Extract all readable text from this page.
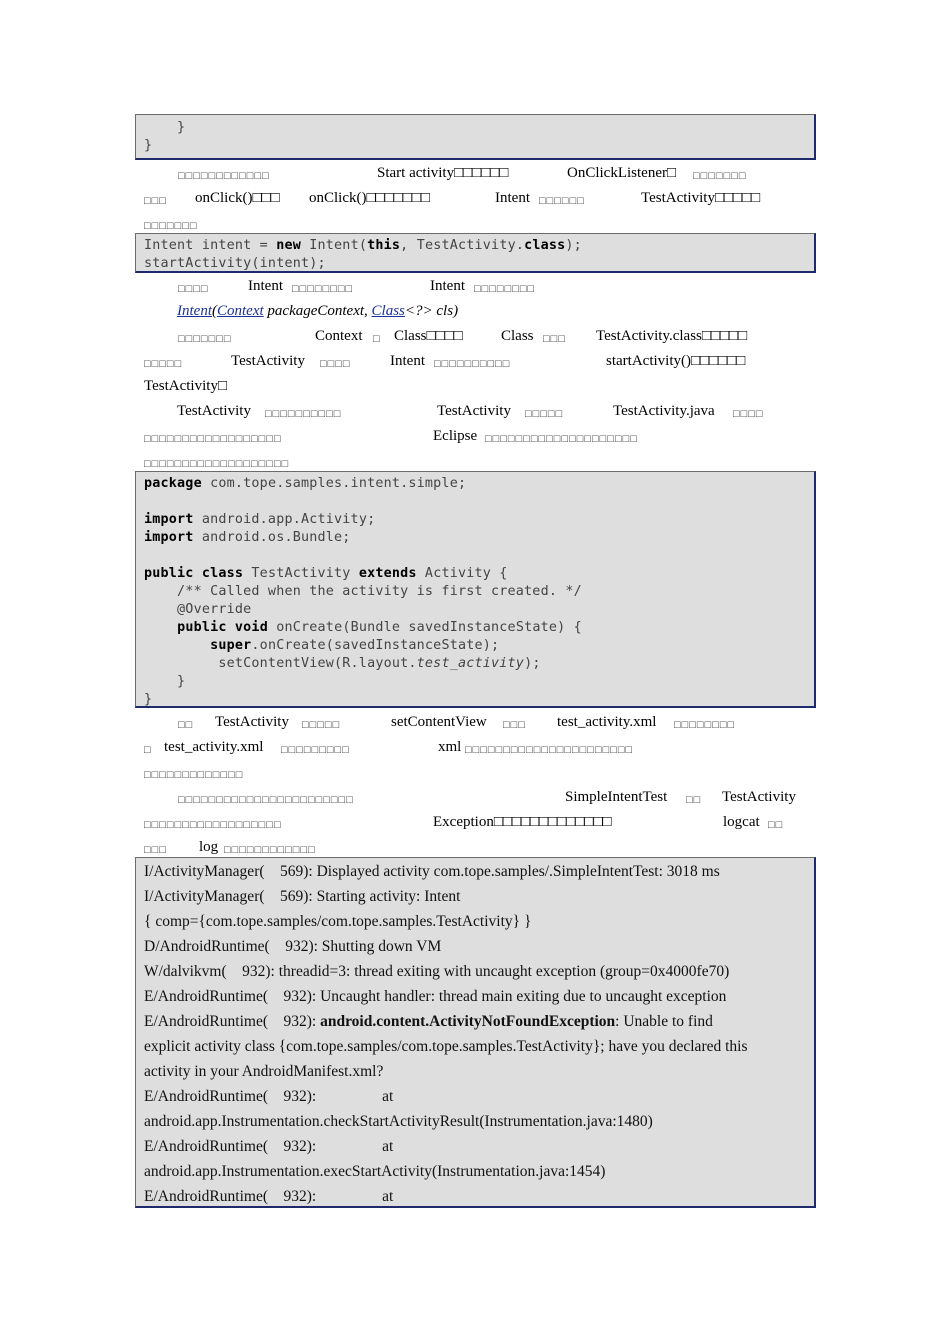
}
}
□□□□□□□□□□□□	Start activity□□□□□□	OnClickListener□ □□□□□□□
□□□ onClick()□□□ onClick()□□□□□□□	Intent □□□□□□	TestActivity□□□□□
□□□□□□□
Intent intent = new Intent(this, TestActivity.class);
startActivity(intent);
□□□□	Intent □□□□□□□□	Intent □□□□□□□□
Intent(Context packageContext, Class<?> cls)
□□□□□□□	Context □ Class□□□□	Class □□□ TestActivity.class□□□□□
□□□□□	TestActivity □□□□	Intent □□□□□□□□□□	startActivity()□□□□□□
TestActivity□
TestActivity □□□□□□□□□□	TestActivity □□□□□	TestActivity.java □□□□
□□□□□□□□□□□□□□□□□□	Eclipse □□□□□□□□□□□□□□□□□□□□
□□□□□□□□□□□□□□□□□□□
package com.tope.samples.intent.simple;
import android.app.Activity;
import android.os.Bundle;
public class TestActivity extends Activity {
/** Called when the activity is first created. */
@Override
public void onCreate(Bundle savedInstanceState) {
super.onCreate(savedInstanceState);
setContentView(R.layout.test_activity);
}
}
□□ TestActivity □□□□□	setContentView □□□ test_activity.xml □□□□□□□□
□ test_activity.xml □□□□□□□□□	xml □□□□□□□□□□□□□□□□□□□□□□
□□□□□□□□□□□□□
□□□□□□□□□□□□□□□□□□□□□□□	SimpleIntentTest □□ TestActivity
□□□□□□□□□□□□□□□□□□	Exception□□□□□□□□□□□□□	logcat □□
□□□ log □□□□□□□□□□□□
I/ActivityManager(    569): Displayed activity com.tope.samples/.SimpleIntentTest: 3018 ms
I/ActivityManager(    569): Starting activity: Intent
{ comp={com.tope.samples/com.tope.samples.TestActivity} }
D/AndroidRuntime(    932): Shutting down VM
W/dalvikvm(    932): threadid=3: thread exiting with uncaught exception (group=0x4000fe70)
E/AndroidRuntime(    932): Uncaught handler: thread main exiting due to uncaught exception
E/AndroidRuntime(    932): android.content.ActivityNotFoundException: Unable to find
explicit activity class {com.tope.samples/com.tope.samples.TestActivity}; have you declared this
activity in your AndroidManifest.xml?
E/AndroidRuntime(    932):                 at
android.app.Instrumentation.checkStartActivityResult(Instrumentation.java:1480)
E/AndroidRuntime(    932):                 at
android.app.Instrumentation.execStartActivity(Instrumentation.java:1454)
E/AndroidRuntime(    932):                 at
